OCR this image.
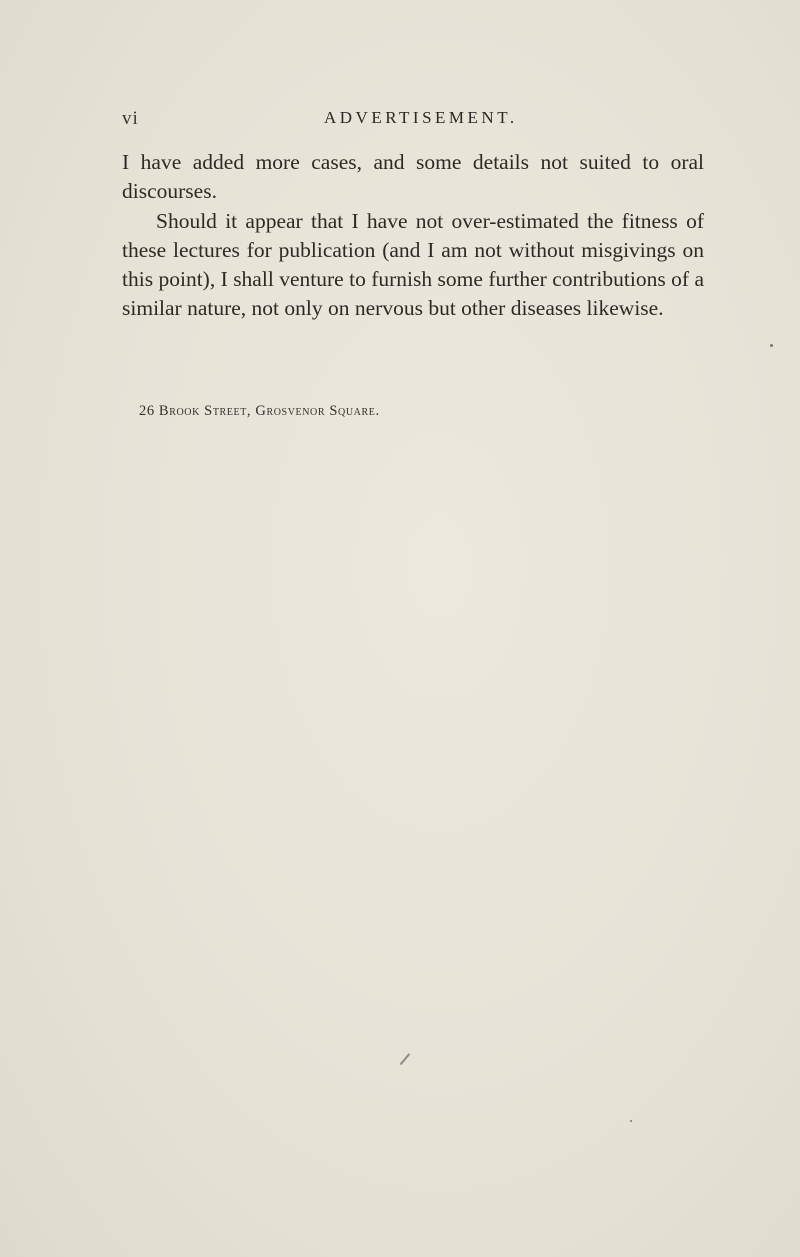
vi	ADVERTISEMENT.

I have added more cases, and some details not suited to oral discourses.

Should it appear that I have not over-estimated the fitness of these lectures for publication (and I am not without misgivings on this point), I shall venture to furnish some further contributions of a similar nature, not only on nervous but other diseases likewise.

26 Brook Street, Grosvenor Square.
